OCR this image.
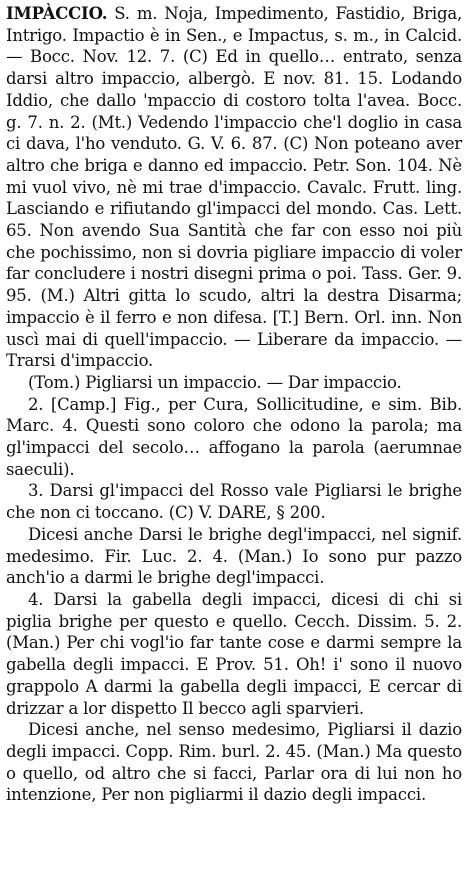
IMPÀCCIO. S. m. Noja, Impedimento, Fastidio, Briga, Intrigo. Impactio è in Sen., e Impactus, s. m., in Calcid. — Bocc. Nov. 12. 7. (C) Ed in quello… entrato, senza darsi altro impaccio, albergò. E nov. 81. 15. Lodando Iddio, che dallo 'mpaccio di costoro tolta l'avea. Bocc. g. 7. n. 2. (Mt.) Vedendo l'impaccio che'l doglio in casa ci dava, l'ho venduto. G. V. 6. 87. (C) Non poteano aver altro che briga e danno ed impaccio. Petr. Son. 104. Nè mi vuol vivo, nè mi trae d'impaccio. Cavalc. Frutt. ling. Lasciando e rifiutando gl'impacci del mondo. Cas. Lett. 65. Non avendo Sua Santità che far con esso noi più che pochissimo, non si dovria pigliare impaccio di voler far concludere i nostri disegni prima o poi. Tass. Ger. 9. 95. (M.) Altri gitta lo scudo, altri la destra Disarma; impaccio è il ferro e non difesa. [T.] Bern. Orl. inn. Non uscì mai di quell'impaccio. — Liberare da impaccio. — Trarsi d'impaccio.

(Tom.) Pigliarsi un impaccio. — Dar impaccio.

2. [Camp.] Fig., per Cura, Sollicitudine, e sim. Bib. Marc. 4. Questi sono coloro che odono la parola; ma gl'impacci del secolo… affogano la parola (aerumnae saeculi).

3. Darsi gl'impacci del Rosso vale Pigliarsi le brighe che non ci toccano. (C) V. DARE, § 200.

Dicesi anche Darsi le brighe degl'impacci, nel signif. medesimo. Fir. Luc. 2. 4. (Man.) Io sono pur pazzo anch'io a darmi le brighe degl'impacci.

4. Darsi la gabella degli impacci, dicesi di chi si piglia brighe per questo e quello. Cecch. Dissim. 5. 2. (Man.) Per chi vogl'io far tante cose e darmi sempre la gabella degli impacci. E Prov. 51. Oh! i' sono il nuovo grappolo A darmi la gabella degli impacci, E cercar di drizzar a lor dispetto Il becco agli sparvieri.

Dicesi anche, nel senso medesimo, Pigliarsi il dazio degli impacci. Copp. Rim. burl. 2. 45. (Man.) Ma questo o quello, od altro che si facci, Parlar ora di lui non ho intenzione, Per non pigliarmi il dazio degli impacci.
